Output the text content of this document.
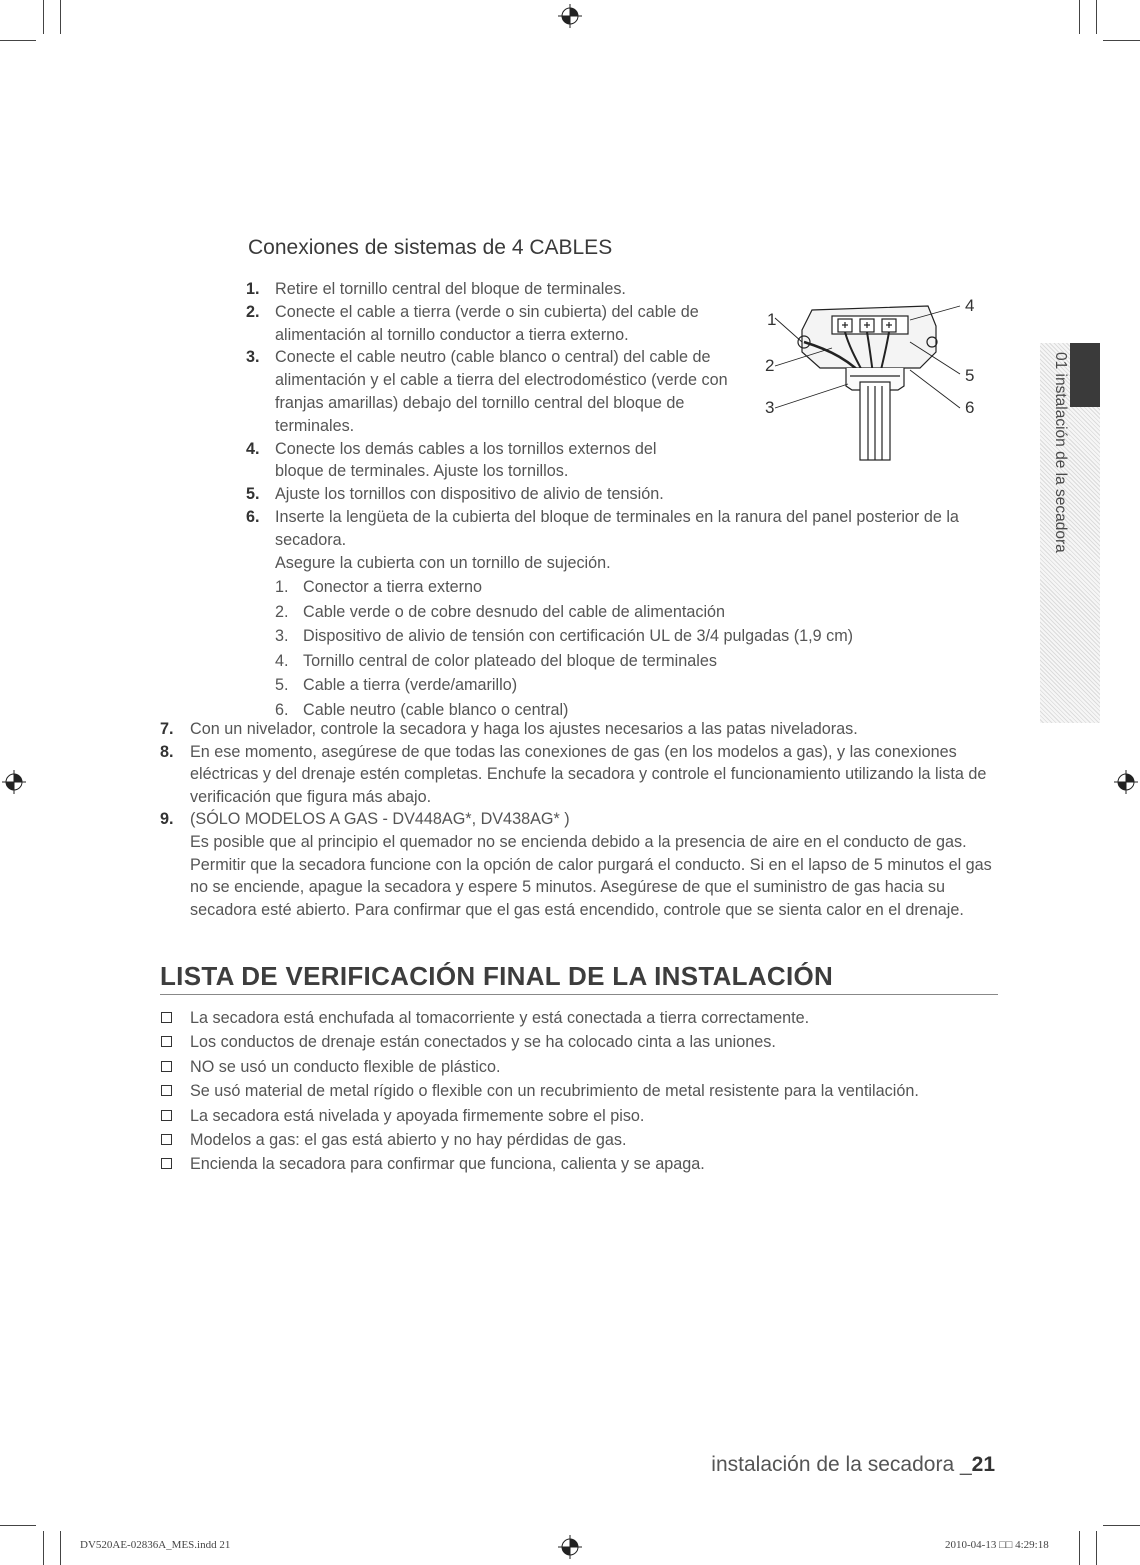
Conexiones de sistemas de 4 CABLES
1. Retire el tornillo central del bloque de terminales.
2. Conecte el cable a tierra (verde o sin cubierta) del cable de alimentación al tornillo conductor a tierra externo.
3. Conecte el cable neutro (cable blanco o central) del cable de alimentación y el cable a tierra del electrodoméstico (verde con franjas amarillas) debajo del tornillo central del bloque de terminales.
4. Conecte los demás cables a los tornillos externos del bloque de terminales. Ajuste los tornillos.
5. Ajuste los tornillos con dispositivo de alivio de tensión.
6. Inserte la lengüeta de la cubierta del bloque de terminales en la ranura del panel posterior de la secadora.
Asegure la cubierta con un tornillo de sujeción.
1. Conector a tierra externo
2. Cable verde o de cobre desnudo del cable de alimentación
3. Dispositivo de alivio de tensión con certificación UL de 3/4 pulgadas (1,9 cm)
4. Tornillo central de color plateado del bloque de terminales
5. Cable a tierra (verde/amarillo)
6. Cable neutro (cable blanco o central)
1
2
3
4
5
6
7. Con un nivelador, controle la secadora y haga los ajustes necesarios a las patas niveladoras.
8. En ese momento, asegúrese de que todas las conexiones de gas (en los modelos a gas), y las conexiones eléctricas y del drenaje estén completas. Enchufe la secadora y controle el funcionamiento utilizando la lista de verificación que figura más abajo.
9. (SÓLO MODELOS A GAS - DV448AG*, DV438AG* )
Es posible que al principio el quemador no se encienda debido a la presencia de aire en el conducto de gas. Permitir que la secadora funcione con la opción de calor purgará el conducto. Si en el lapso de 5 minutos el gas no se enciende, apague la secadora y espere 5 minutos. Asegúrese de que el suministro de gas hacia su secadora esté abierto. Para confirmar que el gas está encendido, controle que se sienta calor en el drenaje.
LISTA DE VERIFICACIÓN FINAL DE LA INSTALACIÓN
La secadora está enchufada al tomacorriente y está conectada a tierra correctamente.
Los conductos de drenaje están conectados y se ha colocado cinta a las uniones.
NO se usó un conducto flexible de plástico.
Se usó material de metal rígido o flexible con un recubrimiento de metal resistente para la ventilación.
La secadora está nivelada y apoyada firmemente sobre el piso.
Modelos a gas: el gas está abierto y no hay pérdidas de gas.
Encienda la secadora para confirmar que funciona, calienta y se apaga.
01 instalación de la secadora
instalación de la secadora _21
DV520AE-02836A_MES.indd 21	2010-04-13 □□ 4:29:18
